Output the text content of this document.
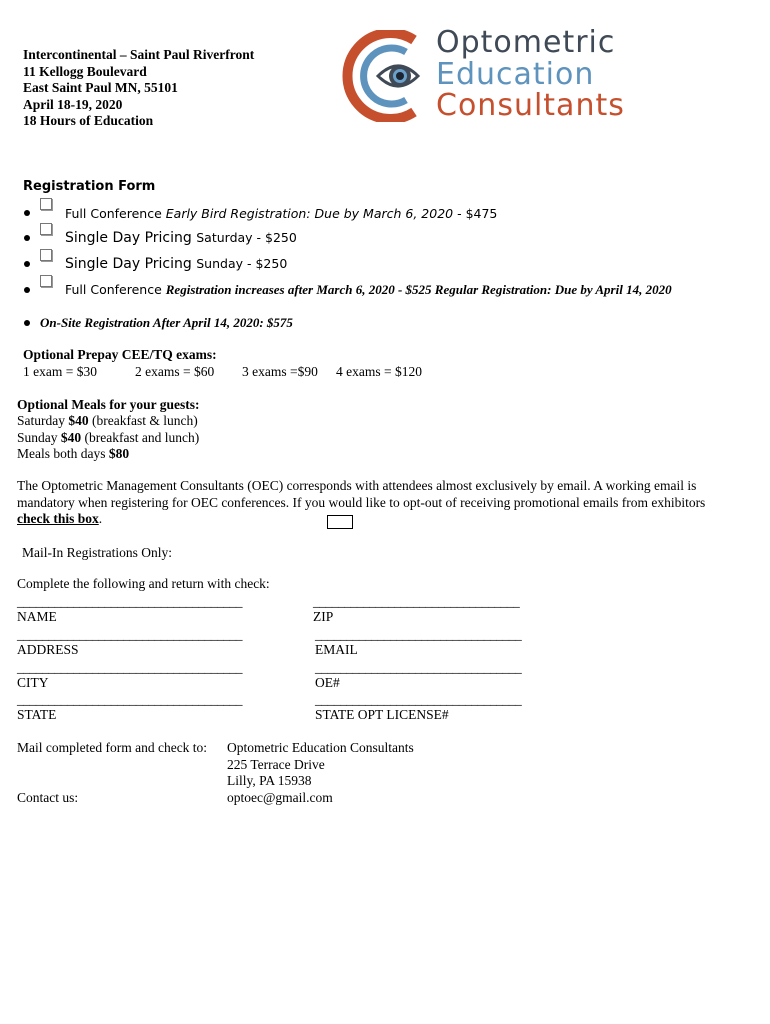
Intercontinental – Saint Paul Riverfront
11 Kellogg Boulevard
East Saint Paul MN, 55101
April 18-19, 2020
18 Hours of Education
Optometric
Education
Consultants
Registration Form
Full Conference Early Bird Registration: Due by March 6, 2020 - $475
Single Day Pricing Saturday - $250
Single Day Pricing Sunday - $250
Full Conference Registration increases after March 6, 2020 - $525 Regular Registration: Due by April 14, 2020
On-Site Registration After April 14, 2020: $575
Optional Prepay CEE/TQ exams:
1 exam = $30	2 exams = $60 3 exams =$90 4 exams = $120
Optional Meals for your guests:
Saturday $40 (breakfast & lunch)
Sunday $40 (breakfast and lunch)
Meals both days $80
The Optometric Management Consultants (OEC) corresponds with attendees almost exclusively by email. A working email is mandatory when registering for OEC conferences. If you would like to opt-out of receiving promotional emails from exhibitors check this box.
Mail-In Registrations Only:
Complete the following and return with check:
____________________________________
NAME
____________________________________
ADDRESS
____________________________________
CITY
____________________________________
STATE
_________________________________
ZIP
_________________________________
EMAIL
_________________________________
OE#
_________________________________
STATE OPT LICENSE#
Mail completed form and check to: Optometric Education Consultants
225 Terrace Drive
Lilly, PA 15938
Contact us:	optoec@gmail.com
